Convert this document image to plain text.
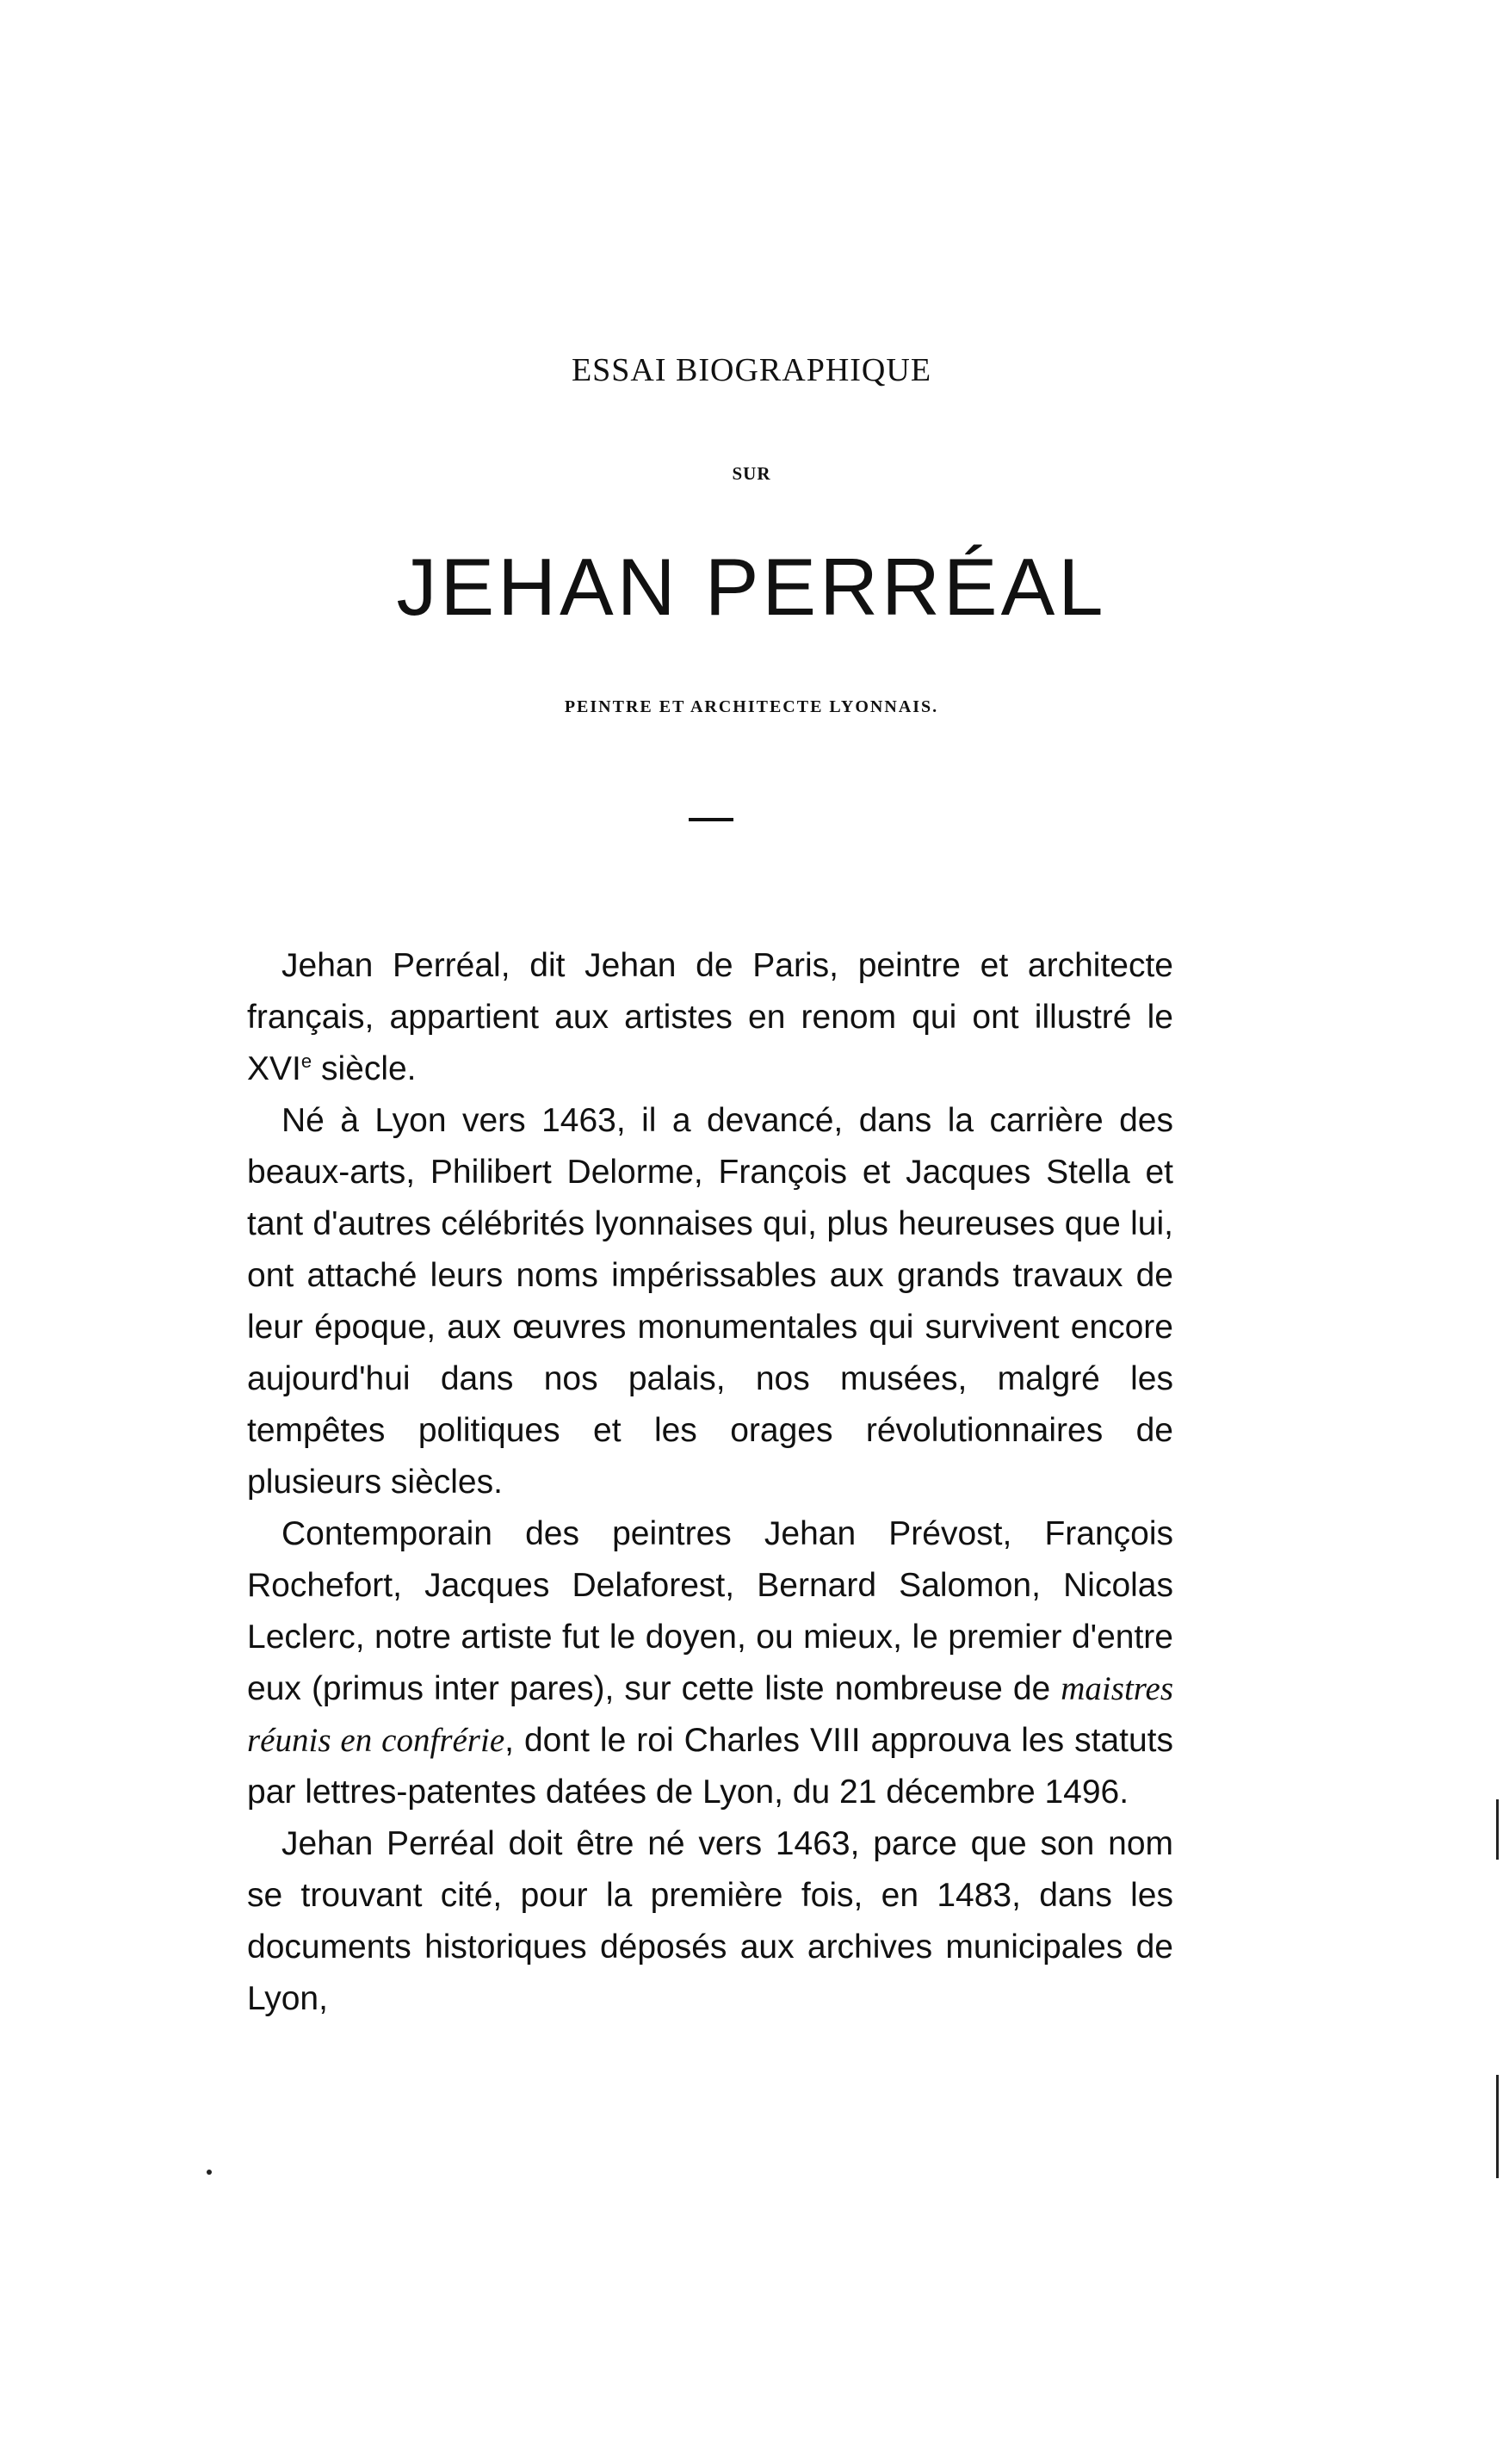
ESSAI BIOGRAPHIQUE
SUR
JEHAN PERRÉAL
PEINTRE ET ARCHITECTE LYONNAIS.

Jehan Perréal, dit Jehan de Paris, peintre et architecte français, appartient aux artistes en renom qui ont illustré le XVIe siècle.

Né à Lyon vers 1463, il a devancé, dans la carrière des beaux-arts, Philibert Delorme, François et Jacques Stella et tant d'autres célébrités lyonnaises qui, plus heureuses que lui, ont attaché leurs noms impérissables aux grands travaux de leur époque, aux œuvres monumentales qui survivent encore aujourd'hui dans nos palais, nos musées, malgré les tempêtes politiques et les orages révolutionnaires de plusieurs siècles.

Contemporain des peintres Jehan Prévost, François Rochefort, Jacques Delaforest, Bernard Salomon, Nicolas Leclerc, notre artiste fut le doyen, ou mieux, le premier d'entre eux (primus inter pares), sur cette liste nombreuse de maistres réunis en confrérie, dont le roi Charles VIII approuva les statuts par lettres-patentes datées de Lyon, du 21 décembre 1496.

Jehan Perréal doit être né vers 1463, parce que son nom se trouvant cité, pour la première fois, en 1483, dans les documents historiques déposés aux archives municipales de Lyon,
